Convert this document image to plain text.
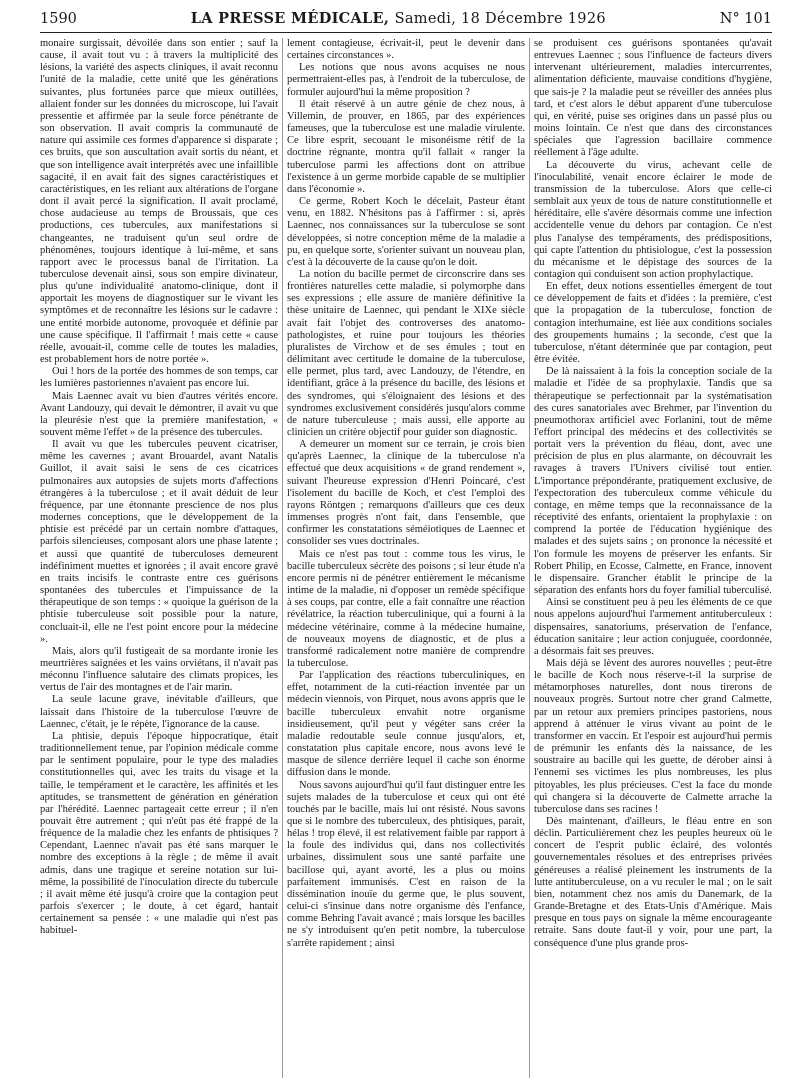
1590	LA PRESSE MÉDICALE, Samedi, 18 Décembre 1926	N° 101

monaire surgissait, dévoilée dans son entier ; sauf la cause, il avait tout vu : à travers la multiplicité des lésions, la variété des aspects cliniques, il avait reconnu l'unité de la maladie, cette unité que les générations suivantes, plus fortunées parce que mieux outillées, allaient fonder sur les données du microscope, lui l'avait pressentie et affirmée par la seule force pénétrante de son observation. Il avait compris la communauté de nature qui assimile ces formes d'apparence si disparate ; ces bruits, que son auscultation avait sortis du néant, et que son intelligence avait interprétés avec une infaillible sagacité, il en avait fait des signes caractéristiques et caractéristiques, en les reliant aux altérations de l'organe dont il avait percé la signification. Il avait proclamé, chose audacieuse au temps de Broussais, que ces productions, ces tubercules, aux manifestations si changeantes, ne traduisent qu'un seul ordre de phénomènes, toujours identique à lui-même, et sans rapport avec le processus banal de l'irritation. La tuberculose devenait ainsi, sous son empire divinateur, plus qu'une individualité anatomo-clinique, dont il apportait les moyens de diagnostiquer sur le vivant les symptômes et de reconnaître les lésions sur le cadavre : une entité morbide autonome, provoquée et définie par une cause spécifique. Il l'affirmait ! mais cette « cause réelle, avouait-il, comme celle de toutes les maladies, est probablement hors de notre portée ».

Oui ! hors de la portée des hommes de son temps, car les lumières pastoriennes n'avaient pas encore lui.

Mais Laennec avait vu bien d'autres vérités encore. Avant Landouzy, qui devait le démontrer, il avait vu que la pleurésie n'est que la première manifestation, « souvent même l'effet » de la présence des tubercules.

Il avait vu que les tubercules peuvent cicatriser, même les cavernes ; avant Brouardel, avant Natalis Guillot, il avait saisi le sens de ces cicatrices pulmonaires aux autopsies de sujets morts d'affections étrangères à la tuberculose ; et il avait déduit de leur fréquence, par une étonnante prescience de nos plus modernes conceptions, que le développement de la phtisie est précédé par un certain nombre d'attaques, parfois silencieuses, composant alors une phase latente ; et aussi que quantité de tuberculoses demeurent indéfiniment muettes et ignorées ; il avait encore gravé en traits incisifs le contraste entre ces guérisons spontanées des tubercules et l'impuissance de la thérapeutique de son temps : « quoique la guérison de la phtisie tuberculeuse soit possible pour la nature, concluait-il, elle ne l'est point encore pour la médecine ».

Mais, alors qu'il fustigeait de sa mordante ironie les meurtrières saignées et les vains orviétans, il n'avait pas méconnu l'influence salutaire des climats propices, les vertus de l'air des montagnes et de l'air marin.

La seule lacune grave, inévitable d'ailleurs, que laissait dans l'histoire de la tuberculose l'œuvre de Laennec, c'était, je le répète, l'ignorance de la cause.

La phtisie, depuis l'époque hippocratique, était traditionnellement tenue, par l'opinion médicale comme par le sentiment populaire, pour le type des maladies constitutionnelles qui, avec les traits du visage et la taille, le tempérament et le caractère, les affinités et les aptitudes, se transmettent de génération en génération par l'hérédité. Laennec partageait cette erreur ; il n'en pouvait être autrement ; qui n'eût pas été frappé de la fréquence de la maladie chez les enfants de phtisiques ? Cependant, Laennec n'avait pas été sans marquer le nombre des exceptions à la règle ; de même il avait admis, dans une tragique et sereine notation sur lui-même, la possibilité de l'inoculation directe du tubercule ; il avait même été jusqu'à croire que la contagion peut parfois s'exercer ; le doute, à cet égard, hantait certainement sa pensée : « une maladie qui n'est pas habituel-

lement contagieuse, écrivait-il, peut le devenir dans certaines circonstances ».

Les notions que nous avons acquises ne nous permettraient-elles pas, à l'endroit de la tuberculose, de formuler aujourd'hui la même proposition ?

Il était réservé à un autre génie de chez nous, à Villemin, de prouver, en 1865, par des expériences fameuses, que la tuberculose est une maladie virulente. Ce libre esprit, secouant le misonéisme rétif de la doctrine régnante, montra qu'il fallait « ranger la tuberculose parmi les affections dont on attribue l'existence à un germe morbide capable de se multiplier dans l'économie ».

Ce germe, Robert Koch le décelait, Pasteur étant venu, en 1882. N'hésitons pas à l'affirmer : si, après Laennec, nos connaissances sur la tuberculose se sont développées, si notre conception même de la maladie a pu, en quelque sorte, s'orienter suivant un nouveau plan, c'est à la découverte de la cause qu'on le doit.

La notion du bacille permet de circonscrire dans ses frontières naturelles cette maladie, si polymorphe dans ses expressions ; elle assure de manière définitive la thèse unitaire de Laennec, qui pendant le XIXe siècle avait fait l'objet des controverses des anatomo-pathologistes, et ruine pour toujours les théories pluralistes de Virchow et de ses émules ; tout en délimitant avec certitude le domaine de la tuberculose, elle permet, plus tard, avec Landouzy, de l'étendre, en identifiant, grâce à la présence du bacille, des lésions et des syndromes, qui s'éloignaient des lésions et des syndromes exclusivement considérés jusqu'alors comme de nature tuberculeuse ; mais aussi, elle apporte au clinicien un critère objectif pour guider son diagnostic.

A demeurer un moment sur ce terrain, je crois bien qu'après Laennec, la clinique de la tuberculose n'a effectué que deux acquisitions « de grand rendement », suivant l'heureuse expression d'Henri Poincaré, c'est l'isolement du bacille de Koch, et c'est l'emploi des rayons Röntgen ; remarquons d'ailleurs que ces deux immenses progrès n'ont fait, dans l'ensemble, que confirmer les constatations séméiotiques de Laennec et consolider ses vues doctrinales.

Mais ce n'est pas tout : comme tous les virus, le bacille tuberculeux sécrète des poisons ; si leur étude n'a encore permis ni de pénétrer entièrement le mécanisme intime de la maladie, ni d'opposer un remède spécifique à ses coups, par contre, elle a fait connaître une réaction révélatrice, la réaction tuberculinique, qui a fourni à la médecine vétérinaire, comme à la médecine humaine, de nouveaux moyens de diagnostic, et de plus a transformé radicalement notre manière de comprendre la tuberculose.

Par l'application des réactions tuberculiniques, en effet, notamment de la cuti-réaction inventée par un médecin viennois, von Pirquet, nous avons appris que le bacille tuberculeux envahit notre organisme insidieusement, qu'il peut y végéter sans créer la maladie redoutable seule connue jusqu'alors, et, constatation plus capitale encore, nous avons levé le masque de silence derrière lequel il cache son énorme diffusion dans le monde.

Nous savons aujourd'hui qu'il faut distinguer entre les sujets malades de la tuberculose et ceux qui ont été touchés par le bacille, mais lui ont résisté. Nous savons que si le nombre des tuberculeux, des phtisiques, parait, hélas ! trop élevé, il est relativement faible par rapport à la foule des individus qui, dans nos collectivités urbaines, dissimulent sous une santé parfaite une bacillose qui, ayant avorté, les a plus ou moins parfaitement immunisés. C'est en raison de la dissémination inouïe du germe que, le plus souvent, celui-ci s'insinue dans notre organisme dès l'enfance, comme Behring l'avait avancé ; mais lorsque les bacilles ne s'y introduisent qu'en petit nombre, la tuberculose s'arrête rapidement ; ainsi

se produisent ces guérisons spontanées qu'avait entrevues Laennec ; sous l'influence de facteurs divers intervenant ultérieurement, maladies intercurrentes, alimentation déficiente, mauvaise conditions d'hygiène, que sais-je ? la maladie peut se réveiller des années plus tard, et c'est alors le début apparent d'une tuberculose qui, en vérité, puise ses origines dans un passé plus ou moins lointain. Ce n'est que dans des circonstances spéciales que l'agression bacillaire commence réellement à l'âge adulte.

La découverte du virus, achevant celle de l'inoculabilité, venait encore éclairer le mode de transmission de la tuberculose. Alors que celle-ci semblait aux yeux de tous de nature constitutionnelle et héréditaire, elle s'avère désormais comme une infection accidentelle venue du dehors par contagion. Ce n'est plus l'analyse des tempéraments, des prédispositions, qui capte l'attention du phtisiologue, c'est la possession du mécanisme et le dépistage des sources de la contagion qui conduisent son action prophylactique.

En effet, deux notions essentielles émergent de tout ce développement de faits et d'idées : la première, c'est que la propagation de la tuberculose, fonction de contagion interhumaine, est liée aux conditions sociales des groupements humains ; la seconde, c'est que la tuberculose, n'étant déterminée que par contagion, peut être évitée.

De là naissaient à la fois la conception sociale de la maladie et l'idée de sa prophylaxie. Tandis que sa thérapeutique se perfectionnait par la systématisation des cures sanatoriales avec Brehmer, par l'invention du pneumothorax artificiel avec Forlanini, tout de même l'effort principal des médecins et des collectivités se portait vers la prévention du fléau, dont, avec une précision de plus en plus alarmante, on découvrait les ravages à travers l'Univers civilisé tout entier. L'importance prépondérante, pratiquement exclusive, de l'expectoration des tuberculeux comme véhicule du contage, en même temps que la reconnaissance de la réceptivité des enfants, orientaient la prophylaxie : on comprend la portée de l'éducation hygiénique des malades et des sujets sains ; on prononce la nécessité et l'on formule les moyens de préserver les enfants. Sir Robert Philip, en Ecosse, Calmette, en France, innovent le dispensaire. Grancher établit le principe de la séparation des enfants hors du foyer familial tuberculisé.

Ainsi se constituent peu à peu les éléments de ce que nous appelons aujourd'hui l'armement antituberculeux : dispensaires, sanatoriums, préservation de l'enfance, éducation sanitaire ; leur action conjuguée, coordonnée, a désormais fait ses preuves.

Mais déjà se lèvent des aurores nouvelles ; peut-être le bacille de Koch nous réserve-t-il la surprise de métamorphoses naturelles, dont nous tirerons de nouveaux progrès. Surtout notre cher grand Calmette, par un retour aux premiers principes pastoriens, nous apprend à atténuer le virus vivant au point de le transformer en vaccin. Et l'espoir est aujourd'hui permis de prémunir les enfants dès la naissance, de les soustraire au bacille qui les guette, de dérober ainsi à l'ennemi ses victimes les plus nombreuses, les plus pitoyables, les plus précieuses. C'est la face du monde qui changera si la découverte de Calmette arrache la tuberculose dans ses racines !

Dès maintenant, d'ailleurs, le fléau entre en son déclin. Particulièrement chez les peuples heureux où le concert de l'esprit public éclairé, des volontés gouvernementales résolues et des entreprises privées généreuses a réalisé pleinement les instruments de la lutte antituberculeuse, on a vu reculer le mal ; on le sait bien, notamment chez nos amis du Danemark, de la Grande-Bretagne et des Etats-Unis d'Amérique. Mais presque en tous pays on signale la même encourageante retraite. Sans doute faut-il y voir, pour une part, la conséquence d'une plus grande pros-
